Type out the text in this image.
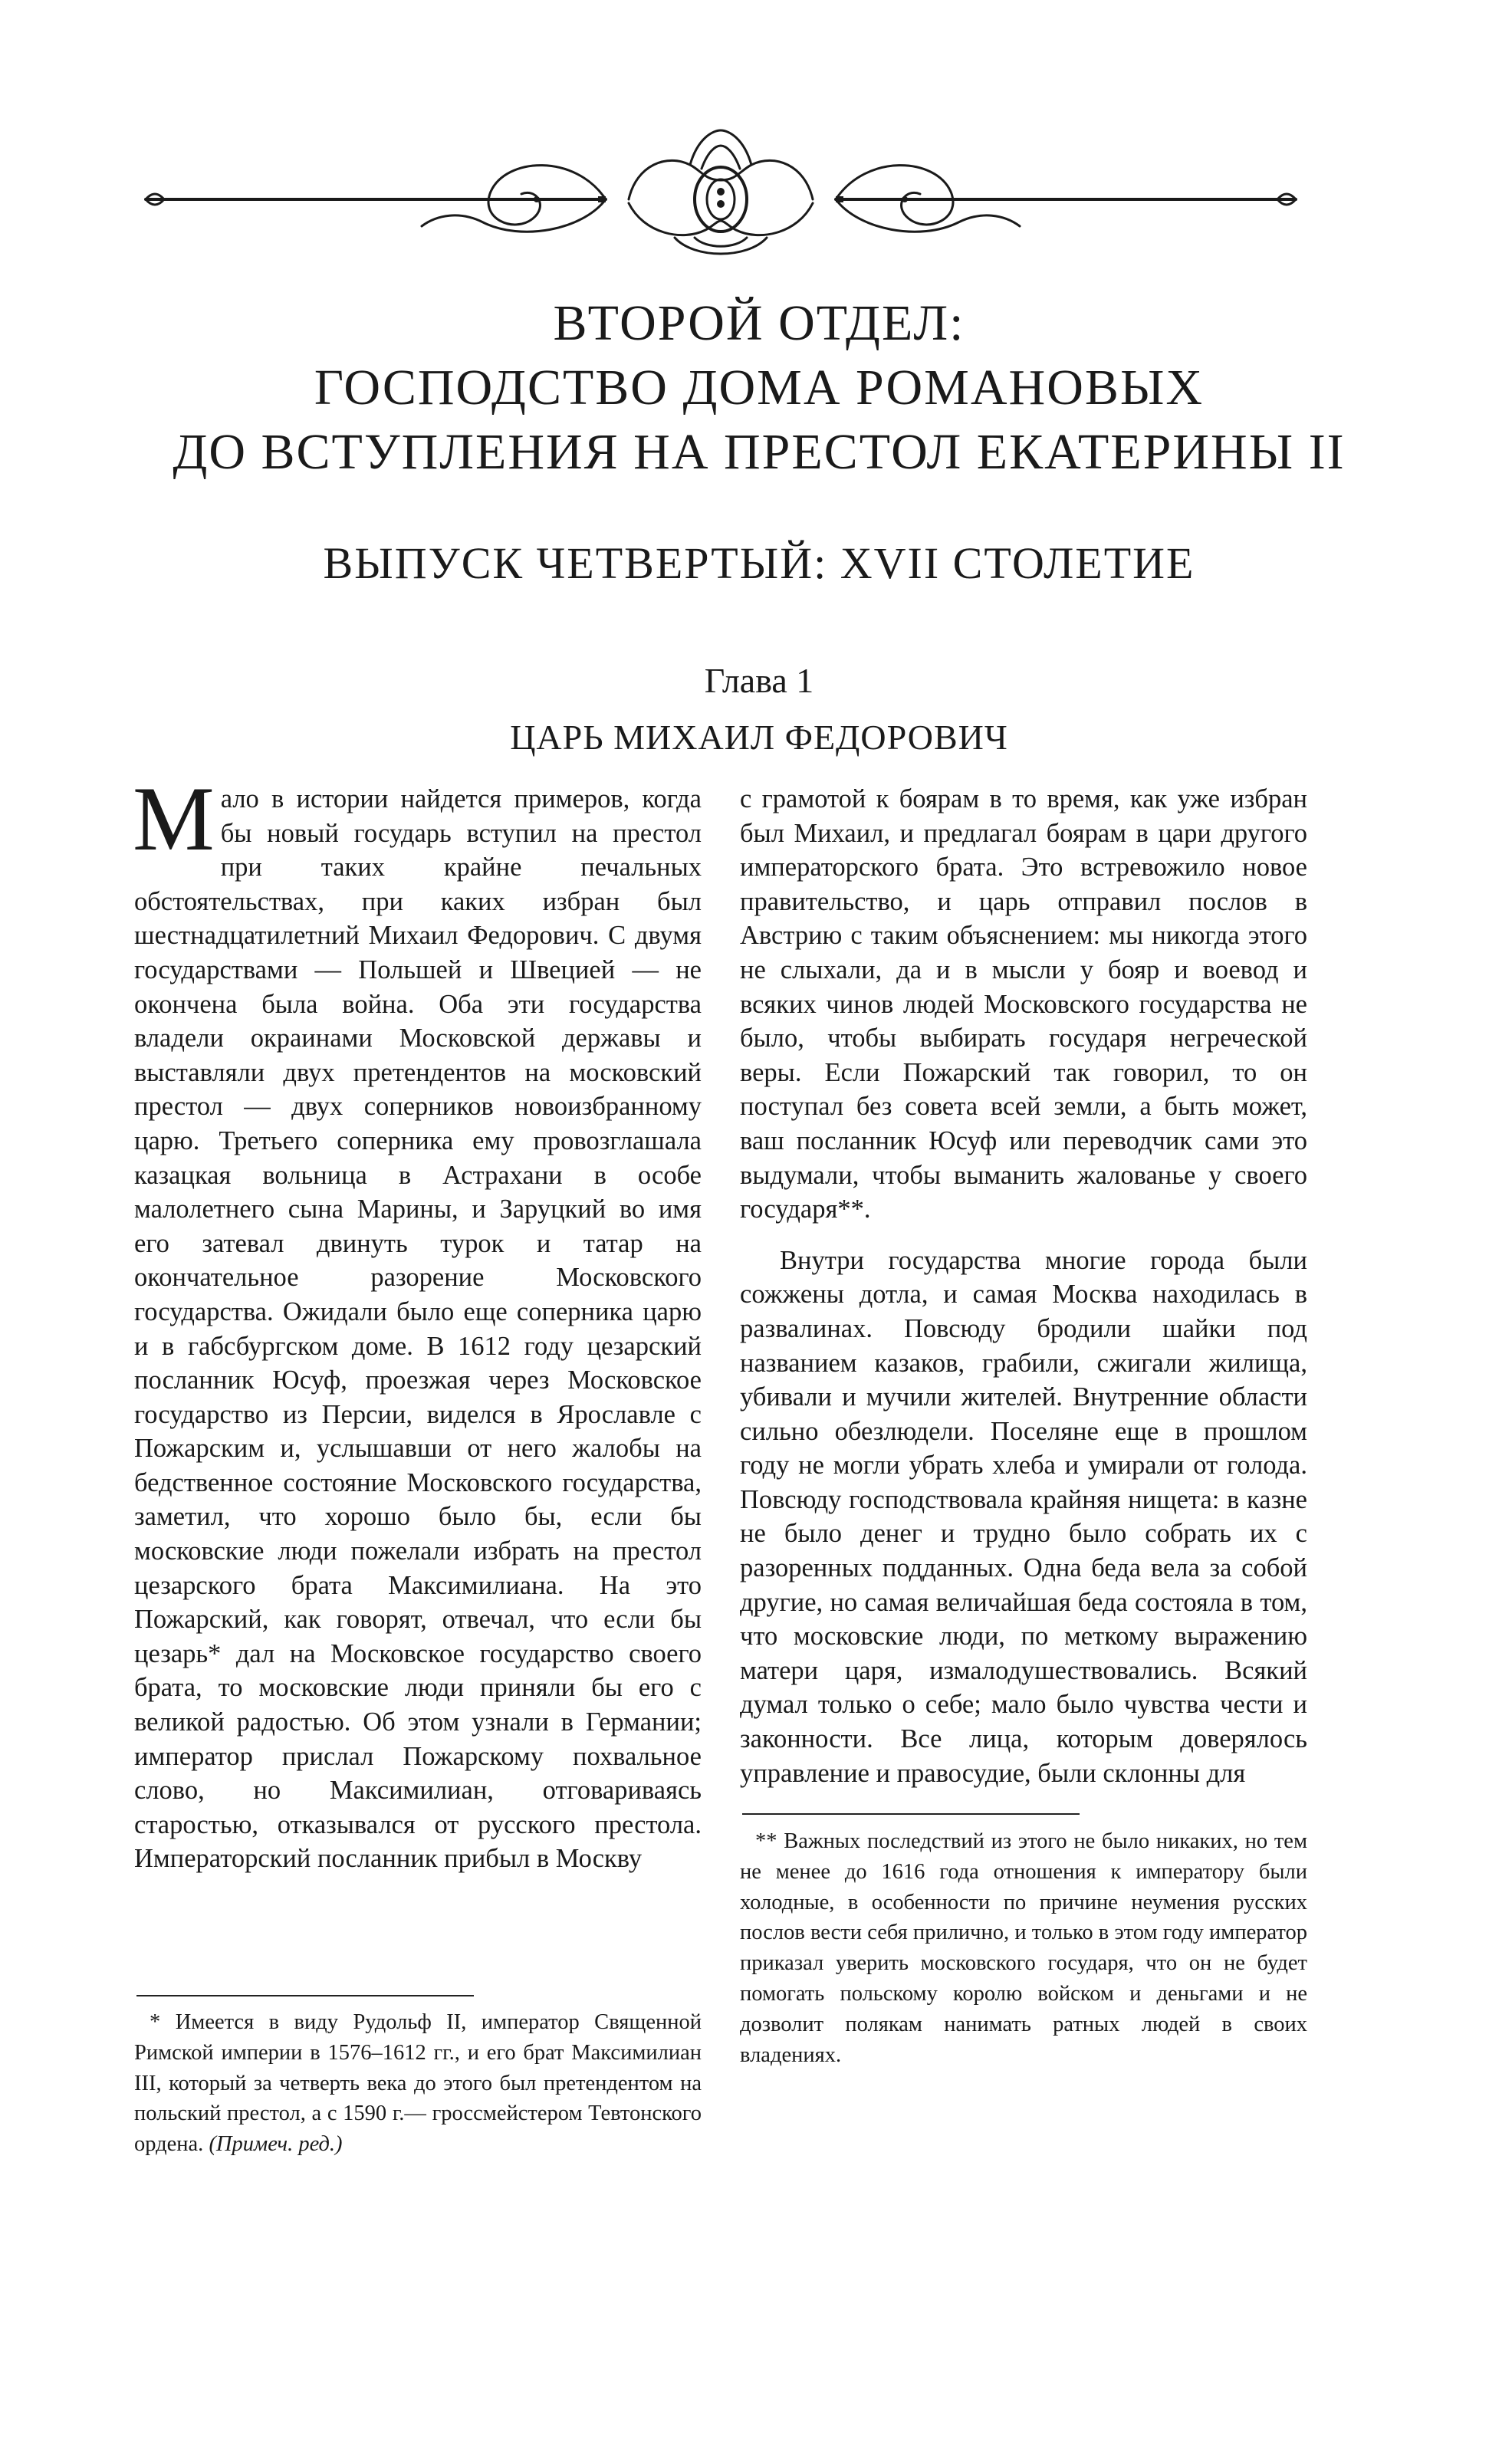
ВТОРОЙ ОТДЕЛ:
ГОСПОДСТВО ДОМА РОМАНОВЫХ
ДО ВСТУПЛЕНИЯ НА ПРЕСТОЛ ЕКАТЕРИНЫ II
ВЫПУСК ЧЕТВЕРТЫЙ: XVII СТОЛЕТИЕ
Глава 1
ЦАРЬ МИХАИЛ ФЕДОРОВИЧ

Мало в истории найдется примеров, когда бы новый государь вступил на престол при таких крайне печальных обстоятельствах, при каких избран был шестнадцатилетний Михаил Федорович. С двумя государствами — Польшей и Швецией — не окончена была война. Оба эти государства владели окраинами Московской державы и выставляли двух претендентов на московский престол — двух соперников новоизбранному царю. Третьего соперника ему провозглашала казацкая вольница в Астрахани в особе малолетнего сына Марины, и Заруцкий во имя его затевал двинуть турок и татар на окончательное разорение Московского государства. Ожидали было еще соперника царю и в габсбургском доме. В 1612 году цезарский посланник Юсуф, проезжая через Московское государство из Персии, виделся в Ярославле с Пожарским и, услышавши от него жалобы на бедственное состояние Московского государства, заметил, что хорошо было бы, если бы московские люди пожелали избрать на престол цезарского брата Максимилиана. На это Пожарский, как говорят, отвечал, что если бы цезарь* дал на Московское государство своего брата, то московские люди приняли бы его с великой радостью. Об этом узнали в Германии; император прислал Пожарскому похвальное слово, но Максимилиан, отговариваясь старостью, отказывался от русского престола. Императорский посланник прибыл в Москву

с грамотой к боярам в то время, как уже избран был Михаил, и предлагал боярам в цари другого императорского брата. Это встревожило новое правительство, и царь отправил послов в Австрию с таким объяснением: мы никогда этого не слыхали, да и в мысли у бояр и воевод и всяких чинов людей Московского государства не было, чтобы выбирать государя негреческой веры. Если Пожарский так говорил, то он поступал без совета всей земли, а быть может, ваш посланник Юсуф или переводчик сами это выдумали, чтобы выманить жалованье у своего государя**.

Внутри государства многие города были сожжены дотла, и самая Москва находилась в развалинах. Повсюду бродили шайки под названием казаков, грабили, сжигали жилища, убивали и мучили жителей. Внутренние области сильно обезлюдели. Поселяне еще в прошлом году не могли убрать хлеба и умирали от голода. Повсюду господствовала крайняя нищета: в казне не было денег и трудно было собрать их с разоренных подданных. Одна беда вела за собой другие, но самая величайшая беда состояла в том, что московские люди, по меткому выражению матери царя, измалодушествовались. Всякий думал только о себе; мало было чувства чести и законности. Все лица, которым доверялось управление и правосудие, были склонны для

* Имеется в виду Рудольф II, император Священной Римской империи в 1576–1612 гг., и его брат Максимилиан III, который за четверть века до этого был претендентом на польский престол, а с 1590 г.— гроссмейстером Тевтонского ордена. (Примеч. ред.)
** Важных последствий из этого не было никаких, но тем не менее до 1616 года отношения к императору были холодные, в особенности по причине неумения русских послов вести себя прилично, и только в этом году император приказал уверить московского государя, что он не будет помогать польскому королю войском и деньгами и не дозволит полякам нанимать ратных людей в своих владениях.
